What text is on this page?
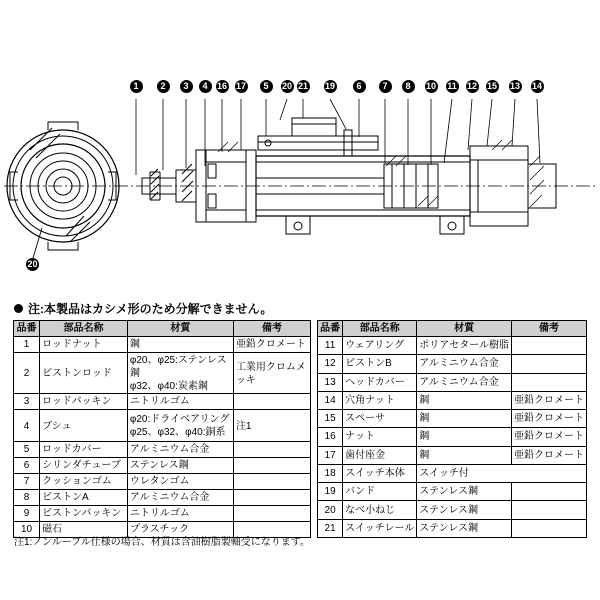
1	2	3	4	16 17	5	20 21 19	6	7	8	10 11 12 15 13 14
20
注:本製品はカシメ形のため分解できません。
品番	部品名称	材質	備考
1	ロッドナット	鋼	亜鉛クロメート
2	ピストンロッド	φ20、φ25:ステンレス鋼
φ32、φ40:炭素鋼	工業用クロムメッキ
3	ロッドパッキン	ニトリルゴム	
4	ブシュ	φ20:ドライベアリング
φ25、φ32、φ40:銅系	注1
5	ロッドカバー	アルミニウム合金	
6	シリンダチューブ	ステンレス鋼	
7	クッションゴム	ウレタンゴム	
8	ピストンA	アルミニウム合金	
9	ピストンパッキン	ニトリルゴム	
10	磁石	プラスチック	
品番	部品名称	材質	備考
11	ウェアリング	ポリアセタール樹脂	
12	ピストンB	アルミニウム合金	
13	ヘッドカバー	アルミニウム合金	
14	穴角ナット	鋼	亜鉛クロメート
15	スペーサ	鋼	亜鉛クロメート
16	ナット	鋼	亜鉛クロメート
17	歯付座金	鋼	亜鉛クロメート
18	スイッチ本体	スイッチ付	
19	バンド	ステンレス鋼	
20	なべ小ねじ	ステンレス鋼	
21	スイッチレール	ステンレス鋼	
注1:ノンルーブル仕様の場合、材質は含油樹脂製軸受になります。
